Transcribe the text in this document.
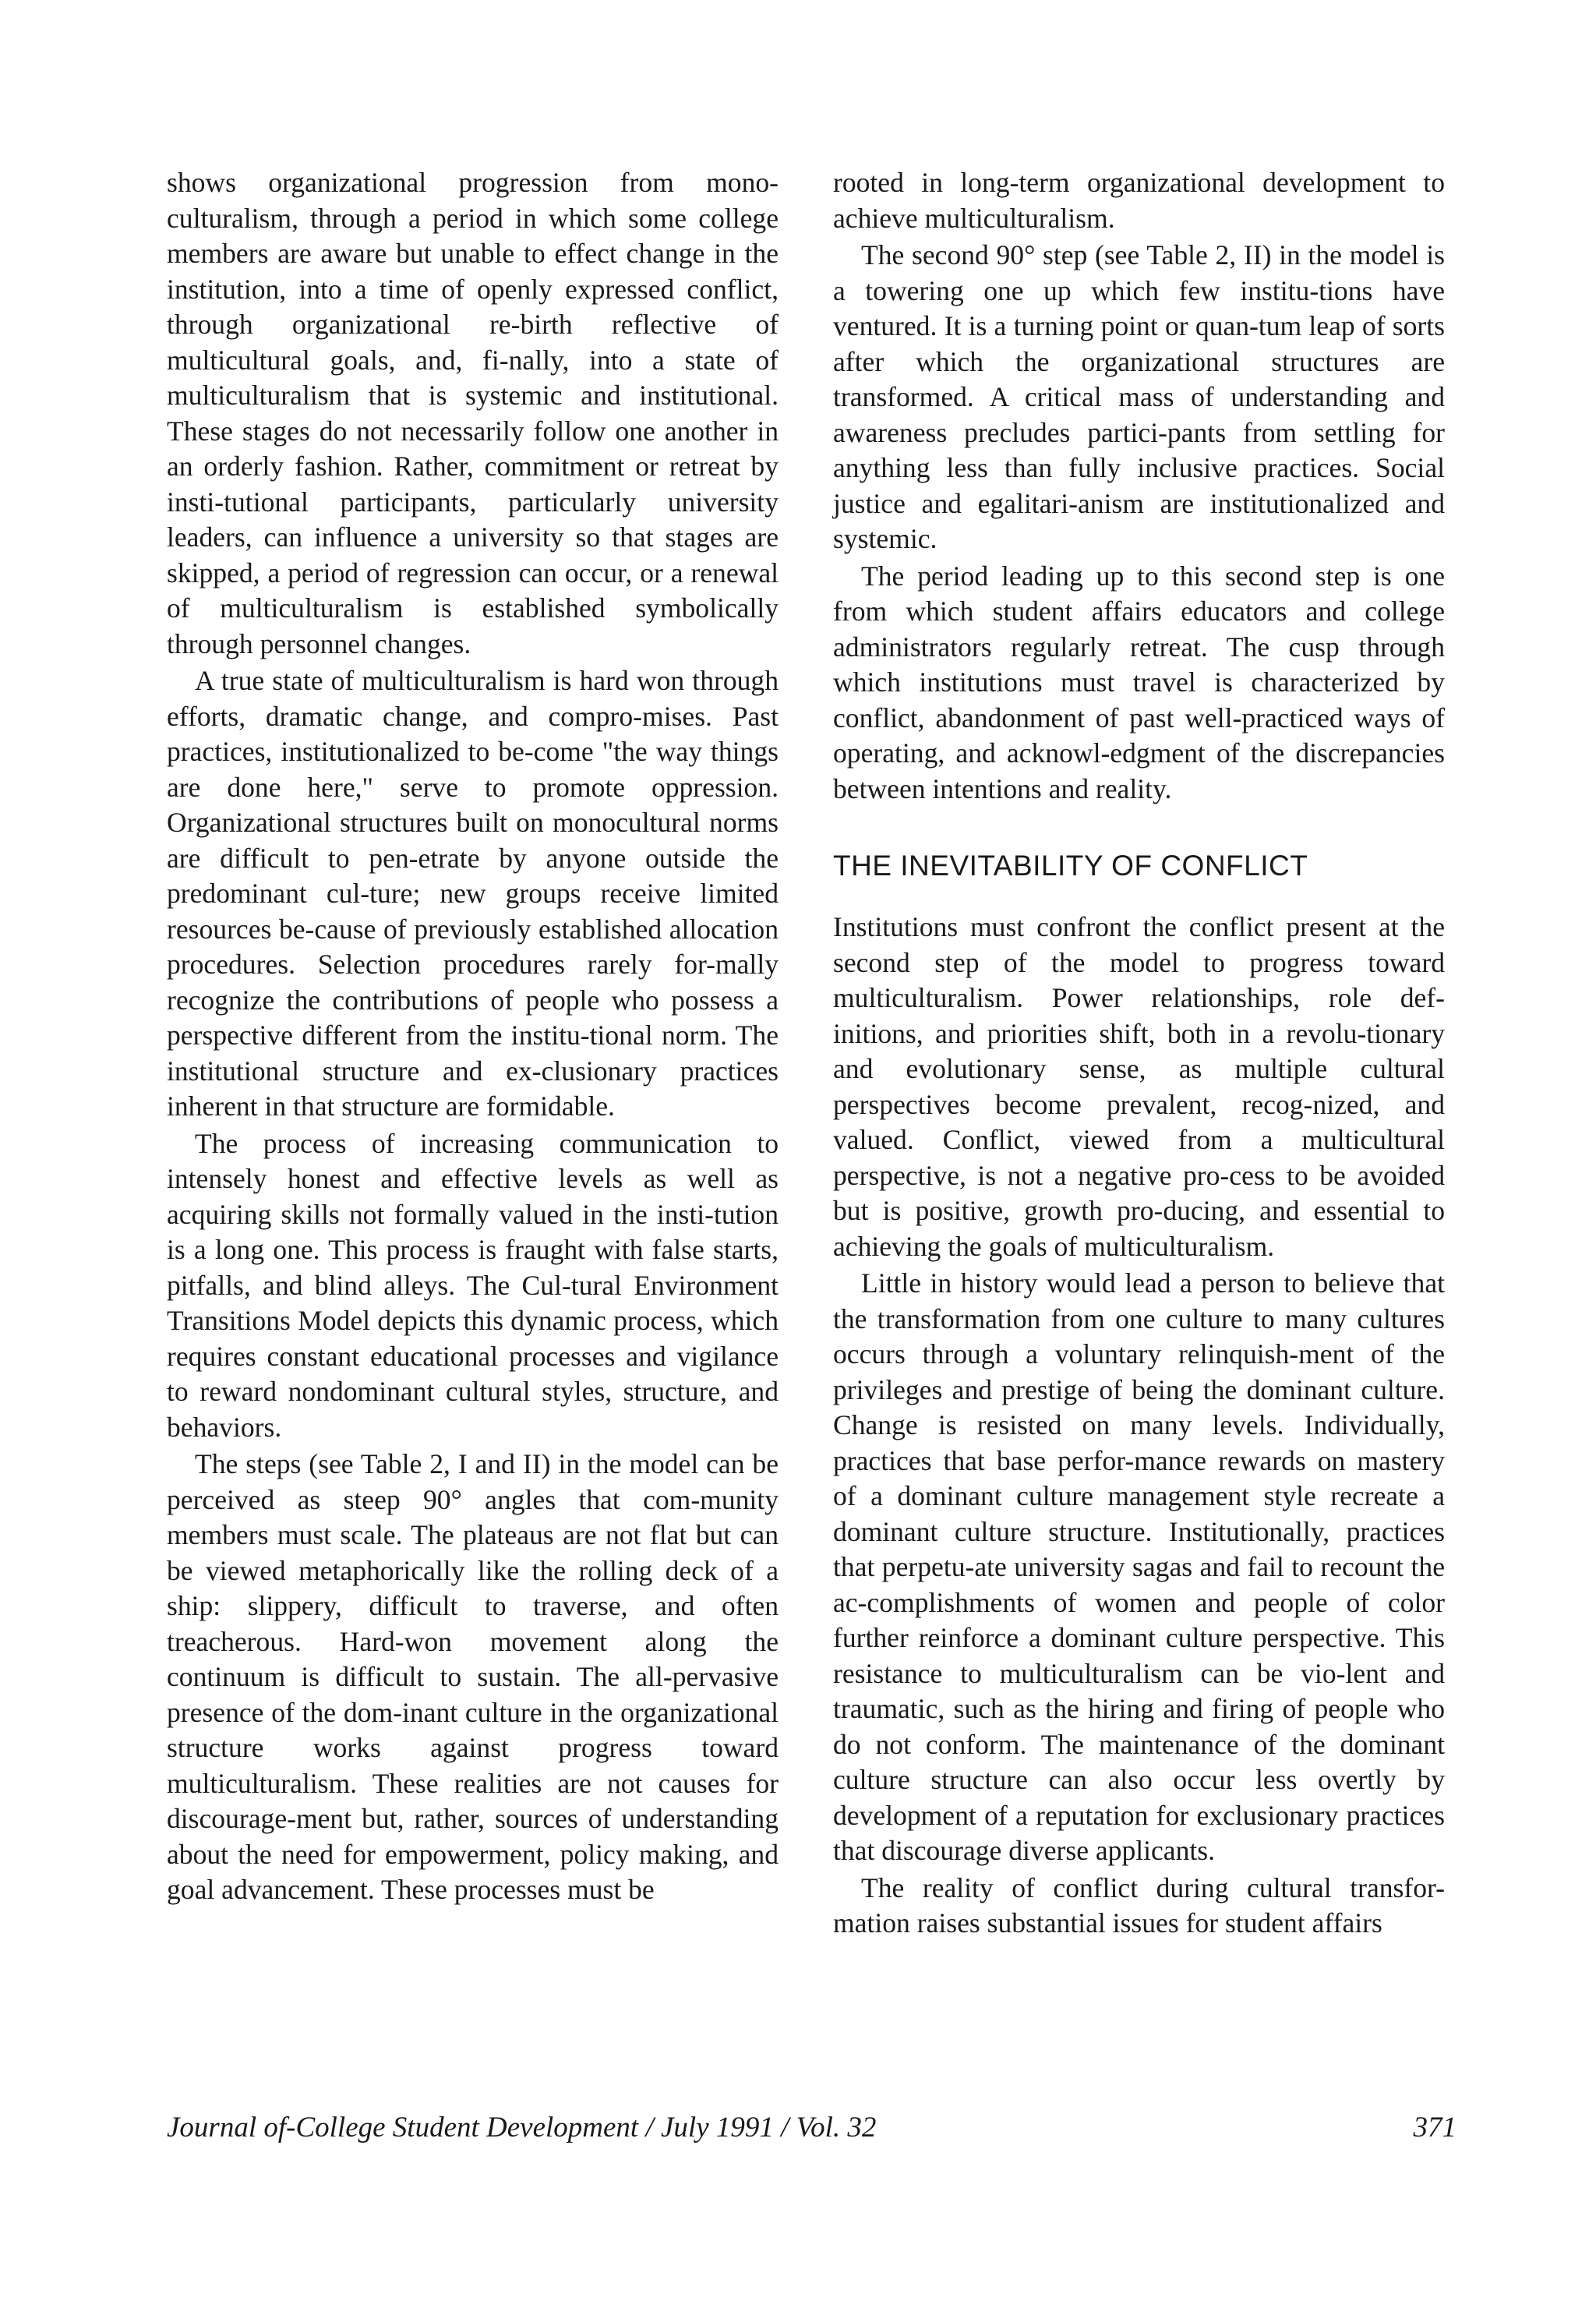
shows organizational progression from mono-culturalism, through a period in which some college members are aware but unable to effect change in the institution, into a time of openly expressed conflict, through organizational re-birth reflective of multicultural goals, and, fi-nally, into a state of multiculturalism that is systemic and institutional. These stages do not necessarily follow one another in an orderly fashion. Rather, commitment or retreat by insti-tutional participants, particularly university leaders, can influence a university so that stages are skipped, a period of regression can occur, or a renewal of multiculturalism is established symbolically through personnel changes.

A true state of multiculturalism is hard won through efforts, dramatic change, and compro-mises. Past practices, institutionalized to be-come "the way things are done here," serve to promote oppression. Organizational structures built on monocultural norms are difficult to pen-etrate by anyone outside the predominant cul-ture; new groups receive limited resources be-cause of previously established allocation procedures. Selection procedures rarely for-mally recognize the contributions of people who possess a perspective different from the institu-tional norm. The institutional structure and ex-clusionary practices inherent in that structure are formidable.

The process of increasing communication to intensely honest and effective levels as well as acquiring skills not formally valued in the insti-tution is a long one. This process is fraught with false starts, pitfalls, and blind alleys. The Cul-tural Environment Transitions Model depicts this dynamic process, which requires constant educational processes and vigilance to reward nondominant cultural styles, structure, and behaviors.

The steps (see Table 2, I and II) in the model can be perceived as steep 90° angles that com-munity members must scale. The plateaus are not flat but can be viewed metaphorically like the rolling deck of a ship: slippery, difficult to traverse, and often treacherous. Hard-won movement along the continuum is difficult to sustain. The all-pervasive presence of the dom-inant culture in the organizational structure works against progress toward multiculturalism. These realities are not causes for discourage-ment but, rather, sources of understanding about the need for empowerment, policy making, and goal advancement. These processes must be

rooted in long-term organizational development to achieve multiculturalism.

The second 90° step (see Table 2, II) in the model is a towering one up which few institu-tions have ventured. It is a turning point or quan-tum leap of sorts after which the organizational structures are transformed. A critical mass of understanding and awareness precludes partici-pants from settling for anything less than fully inclusive practices. Social justice and egalitari-anism are institutionalized and systemic.

The period leading up to this second step is one from which student affairs educators and college administrators regularly retreat. The cusp through which institutions must travel is characterized by conflict, abandonment of past well-practiced ways of operating, and acknowl-edgment of the discrepancies between intentions and reality.

THE INEVITABILITY OF CONFLICT

Institutions must confront the conflict present at the second step of the model to progress toward multiculturalism. Power relationships, role def-initions, and priorities shift, both in a revolu-tionary and evolutionary sense, as multiple cultural perspectives become prevalent, recog-nized, and valued. Conflict, viewed from a multicultural perspective, is not a negative pro-cess to be avoided but is positive, growth pro-ducing, and essential to achieving the goals of multiculturalism.

Little in history would lead a person to believe that the transformation from one culture to many cultures occurs through a voluntary relinquish-ment of the privileges and prestige of being the dominant culture. Change is resisted on many levels. Individually, practices that base perfor-mance rewards on mastery of a dominant culture management style recreate a dominant culture structure. Institutionally, practices that perpetu-ate university sagas and fail to recount the ac-complishments of women and people of color further reinforce a dominant culture perspective. This resistance to multiculturalism can be vio-lent and traumatic, such as the hiring and firing of people who do not conform. The maintenance of the dominant culture structure can also occur less overtly by development of a reputation for exclusionary practices that discourage diverse applicants.

The reality of conflict during cultural transfor-mation raises substantial issues for student affairs

Journal of-College Student Development / July 1991 / Vol. 32	371
